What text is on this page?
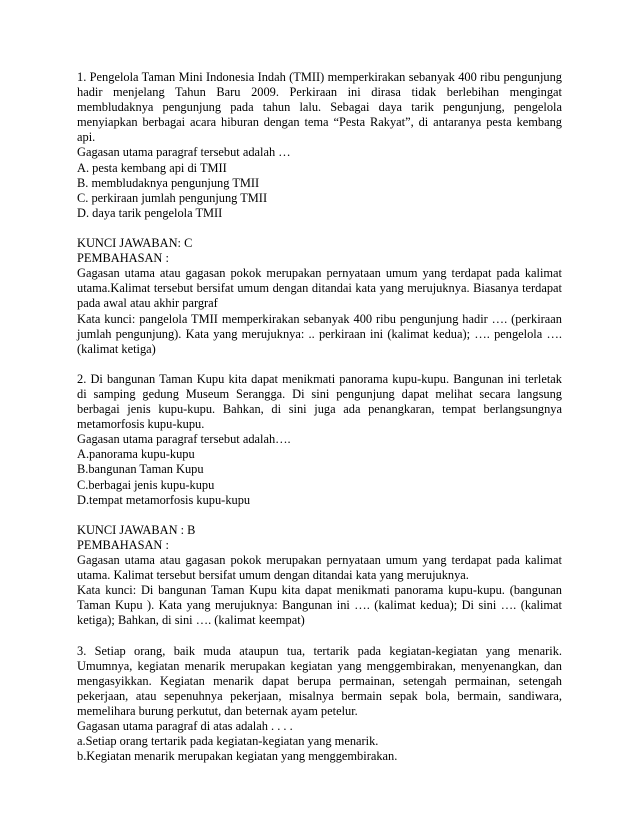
1. Pengelola Taman Mini Indonesia Indah (TMII) memperkirakan sebanyak 400 ribu pengunjung hadir menjelang Tahun Baru 2009. Perkiraan ini dirasa tidak berlebihan mengingat membludaknya pengunjung pada tahun lalu. Sebagai daya tarik pengunjung, pengelola menyiapkan berbagai acara hiburan dengan tema “Pesta Rakyat”, di antaranya pesta kembang api.

Gagasan utama paragraf tersebut adalah …

A. pesta kembang api di TMII

B. membludaknya pengunjung TMII

C. perkiraan jumlah pengunjung TMII

D. daya tarik pengelola TMII

KUNCI JAWABAN: C

PEMBAHASAN :

Gagasan utama atau gagasan pokok merupakan pernyataan umum yang terdapat pada kalimat utama.Kalimat tersebut bersifat umum dengan ditandai kata yang merujuknya. Biasanya terdapat pada awal atau akhir pargraf

Kata kunci: pangelola TMII memperkirakan sebanyak 400 ribu pengunjung hadir …. (perkiraan jumlah pengunjung). Kata yang merujuknya: .. perkiraan ini (kalimat kedua); …. pengelola …. (kalimat ketiga)

2. Di bangunan Taman Kupu kita dapat menikmati panorama kupu-kupu. Bangunan ini terletak di samping gedung Museum Serangga. Di sini pengunjung dapat melihat secara langsung berbagai jenis kupu-kupu. Bahkan, di sini juga ada penangkaran, tempat berlangsungnya metamorfosis kupu-kupu.

Gagasan utama paragraf tersebut adalah….

A.panorama kupu-kupu

B.bangunan Taman Kupu

C.berbagai jenis kupu-kupu

D.tempat metamorfosis kupu-kupu

KUNCI JAWABAN : B

PEMBAHASAN :

Gagasan utama atau gagasan pokok merupakan pernyataan umum yang terdapat pada kalimat utama. Kalimat tersebut bersifat umum dengan ditandai kata yang merujuknya.

Kata kunci: Di bangunan Taman Kupu kita dapat menikmati panorama kupu-kupu. (bangunan Taman Kupu ). Kata yang merujuknya: Bangunan ini …. (kalimat kedua); Di sini …. (kalimat ketiga); Bahkan, di sini …. (kalimat keempat)

3. Setiap orang, baik muda ataupun tua, tertarik pada kegiatan-kegiatan yang menarik. Umumnya, kegiatan menarik merupakan kegiatan yang menggembirakan, menyenangkan, dan mengasyikkan. Kegiatan menarik dapat berupa permainan, setengah permainan, setengah pekerjaan, atau sepenuhnya pekerjaan, misalnya bermain sepak bola, bermain, sandiwara, memelihara burung perkutut, dan beternak ayam petelur.

Gagasan utama paragraf di atas adalah . . . .

a.Setiap orang tertarik pada kegiatan-kegiatan yang menarik.

b.Kegiatan menarik merupakan kegiatan yang menggembirakan.
